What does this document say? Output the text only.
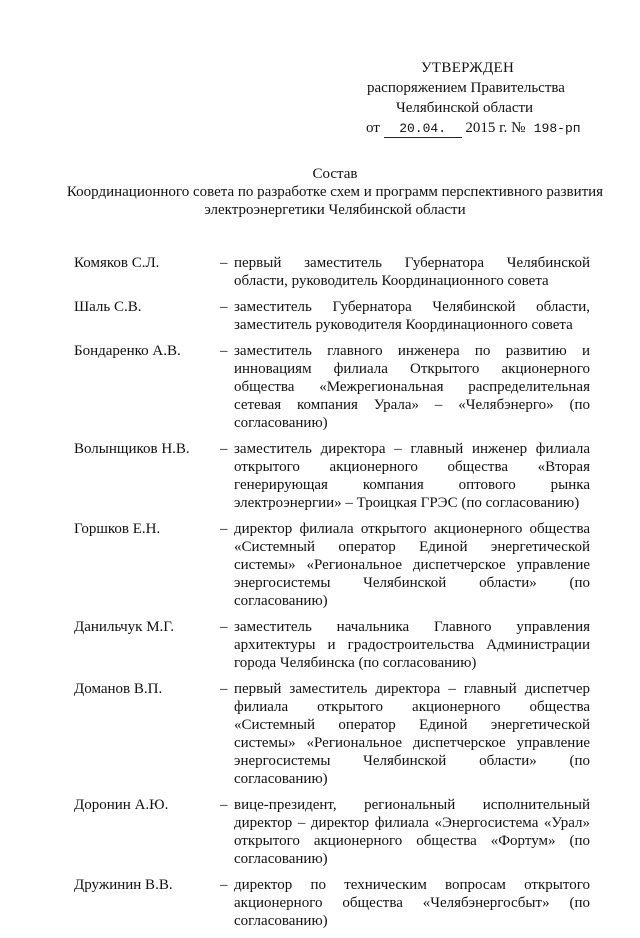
УТВЕРЖДЕН
распоряжением Правительства
Челябинской области
от 20.04. 2015 г. № 198-рп
Состав
Координационного совета по разработке схем и программ перспективного развития электроэнергетики Челябинской области
Комяков С.Л.	– первый заместитель Губернатора Челябинской области, руководитель Координационного совета
Шаль С.В.	– заместитель Губернатора Челябинской области, заместитель руководителя Координационного совета
Бондаренко А.В.	– заместитель главного инженера по развитию и инновациям филиала Открытого акционерного общества «Межрегиональная распределительная сетевая компания Урала» – «Челябэнерго» (по согласованию)
Волынщиков Н.В.	– заместитель директора – главный инженер филиала открытого акционерного общества «Вторая генерирующая компания оптового рынка электроэнергии» – Троицкая ГРЭС (по согласованию)
Горшков Е.Н.	– директор филиала открытого акционерного общества «Системный оператор Единой энергетической системы» «Региональное диспетчерское управление энергосистемы Челябинской области» (по согласованию)
Данильчук М.Г.	– заместитель начальника Главного управления архитектуры и градостроительства Администрации города Челябинска (по согласованию)
Доманов В.П.	– первый заместитель директора – главный диспетчер филиала открытого акционерного общества «Системный оператор Единой энергетической системы» «Региональное диспетчерское управление энергосистемы Челябинской области» (по согласованию)
Доронин А.Ю.	– вице-президент, региональный исполнительный директор – директор филиала «Энергосистема «Урал» открытого акционерного общества «Фортум» (по согласованию)
Дружинин В.В.	– директор по техническим вопросам открытого акционерного общества «Челябэнергосбыт» (по согласованию)
